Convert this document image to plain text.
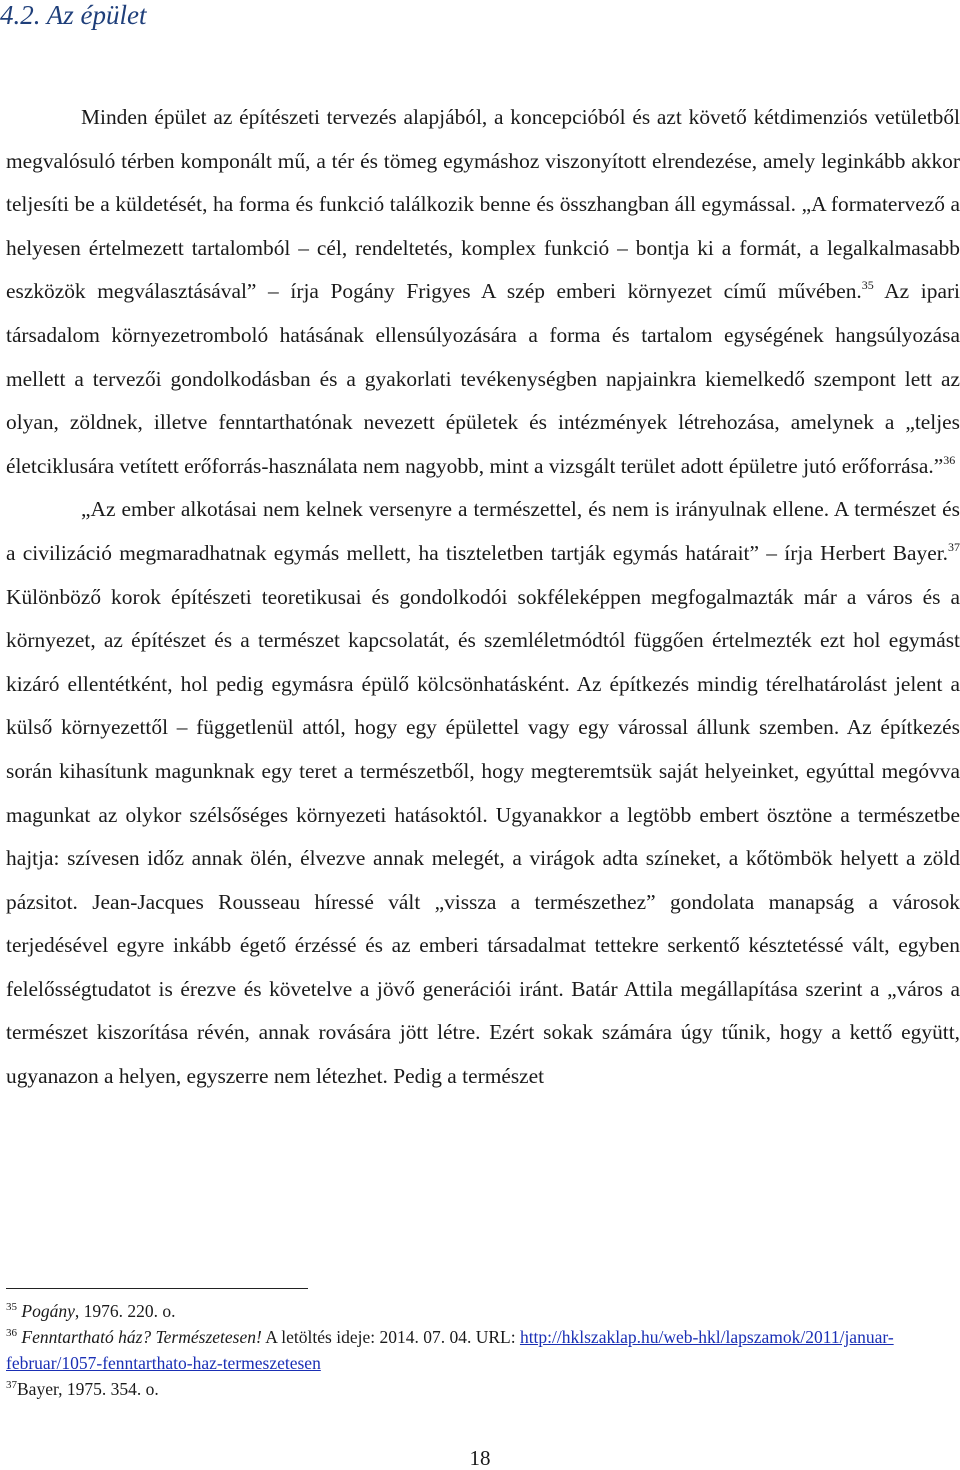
4.2. Az épület

Minden épület az építészeti tervezés alapjából, a koncepcióból és azt követő kétdimenziós vetületből megvalósuló térben komponált mű, a tér és tömeg egymáshoz viszonyított elrendezése, amely leginkább akkor teljesíti be a küldetését, ha forma és funkció találkozik benne és összhangban áll egymással. „A formatervező a helyesen értelmezett tartalomból – cél, rendeltetés, komplex funkció – bontja ki a formát, a legalkalmasabb eszközök megválasztásával” – írja Pogány Frigyes A szép emberi környezet című művében.$^{35}$ Az ipari társadalom környezetromboló hatásának ellensúlyozására a forma és tartalom egységének hangsúlyozása mellett a tervezői gondolkodásban és a gyakorlati tevékenységben napjainkra kiemelkedő szempont lett az olyan, zöldnek, illetve fenntarthatónak nevezett épületek és intézmények létrehozása, amelynek a „teljes életciklusára vetített erőforrás-használata nem nagyobb, mint a vizsgált terület adott épületre jutó erőforrása.”$^{36}$

„Az ember alkotásai nem kelnek versenyre a természettel, és nem is irányulnak ellene. A természet és a civilizáció megmaradhatnak egymás mellett, ha tiszteletben tartják egymás határait” – írja Herbert Bayer.$^{37}$ Különböző korok építészeti teoretikusai és gondolkodói sokféleképpen megfogalmazták már a város és a környezet, az építészet és a természet kapcsolatát, és szemléletmódtól függően értelmezték ezt hol egymást kizáró ellentétként, hol pedig egymásra épülő kölcsönhatásként. Az építkezés mindig térelhatárolást jelent a külső környezettől – függetlenül attól, hogy egy épülettel vagy egy várossal állunk szemben. Az építkezés során kihasítunk magunknak egy teret a természetből, hogy megteremtsük saját helyeinket, egyúttal megóvva magunkat az olykor szélsőséges környezeti hatásoktól. Ugyanakkor a legtöbb embert ösztöne a természetbe hajtja: szívesen időz annak ölén, élvezve annak melegét, a virágok adta színeket, a kőtömbök helyett a zöld pázsitot. Jean-Jacques Rousseau híressé vált „vissza a természethez” gondolata manapság a városok terjedésével egyre inkább égető érzéssé és az emberi társadalmat tettekre serkentő késztetéssé vált, egyben felelősségtudatot is érezve és követelve a jövő generációi iránt. Batár Attila megállapítása szerint a „város a természet kiszorítása révén, annak rovására jött létre. Ezért sokak számára úgy tűnik, hogy a kettő együtt, ugyanazon a helyen, egyszerre nem létezhet. Pedig a természet

$^{35}$ Pogány, 1976. 220. o.

$^{36}$ Fenntartható ház? Természetesen! A letöltés ideje: 2014. 07. 04. URL: http://hklszaklap.hu/web-hkl/lapszamok/2011/januar-februar/1057-fenntarthato-haz-termeszetesen

$^{37}$Bayer, 1975. 354. o.

18
